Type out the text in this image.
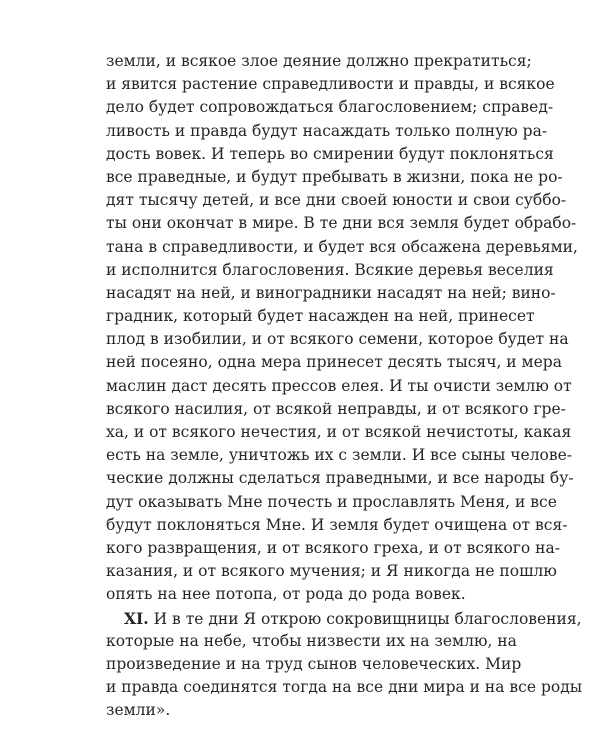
земли, и всякое злое деяние должно прекратиться;
и явится растение справедливости и правды, и всякое
дело будет сопровождаться благословением; справед-
ливость и правда будут насаждать только полную ра-
дость вовек. И теперь во смирении будут поклоняться
все праведные, и будут пребывать в жизни, пока не ро-
дят тысячу детей, и все дни своей юности и свои суббо-
ты они окончат в мире. В те дни вся земля будет обрабо-
тана в справедливости, и будет вся обсажена деревьями,
и исполнится благословения. Всякие деревья веселия
насадят на ней, и виноградники насадят на ней; вино-
градник, который будет насажден на ней, принесет
плод в изобилии, и от всякого семени, которое будет на
ней посеяно, одна мера принесет десять тысяч, и мера
маслин даст десять прессов елея. И ты очисти землю от
всякого насилия, от всякой неправды, и от всякого гре-
ха, и от всякого нечестия, и от всякой нечистоты, какая
есть на земле, уничтожь их с земли. И все сыны челове-
ческие должны сделаться праведными, и все народы бу-
дут оказывать Мне почесть и прославлять Меня, и все
будут поклоняться Мне. И земля будет очищена от вся-
кого развращения, и от всякого греха, и от всякого на-
казания, и от всякого мучения; и Я никогда не пошлю
опять на нее потопа, от рода до рода вовек.
XI. И в те дни Я открою сокровищницы благословения,
которые на небе, чтобы низвести их на землю, на
произведение и на труд сынов человеческих. Мир
и правда соединятся тогда на все дни мира и на все роды
земли».
